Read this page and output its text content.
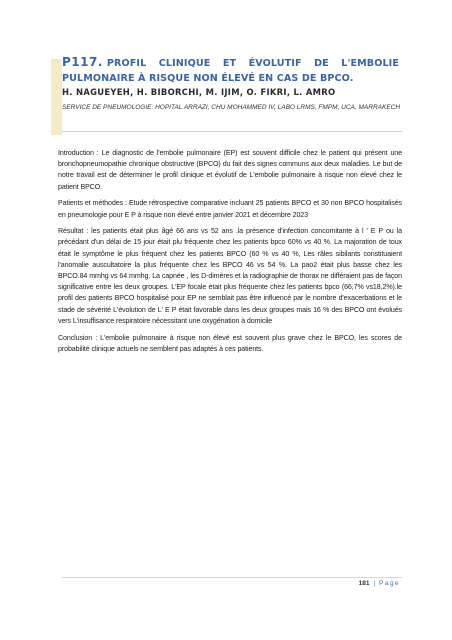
P117. PROFIL CLINIQUE ET ÉVOLUTIF DE L'EMBOLIE PULMONAIRE À RISQUE NON ÉLEVÉ EN CAS DE BPCO.
H. NAGUEYEH, H. BIBORCHI, M. IJIM, O. FIKRI, L. AMRO
SERVICE DE PNEUMOLOGIE. HOPITAL ARRAZI, CHU MOHAMMED IV, LABO LRMS, FMPM, UCA, MARRAKECH

Introduction : Le diagnostic de l'embolie pulmonaire (EP) est souvent difficile chez le patient qui présent une bronchopneumopathie chronique obstructive (BPCO) du fait des signes communs aux deux maladies. Le but de notre travail est de déterminer le profil clinique et évolutif de L'embolie pulmonaire à risque non élevé chez le patient BPCO.

Patients et méthodes : Etude rétrospective comparative incluant 25 patients BPCO et 30 non BPCO hospitalisés en pneumologie pour E P à risque non élevé entre janvier 2021 et décembre 2023

Résultat : les patients était plus âgé 66 ans vs 52 ans .la présence d'infection concomitante à l ' E P ou la précédant d'un délai de 15 jour était plu fréquente chez les patients bpco 60% vs 40 %. La majoration de toux était le symptôme le plus fréquent chez les patients BPCO (60 % vs 40 %, Les râles sibilants constituaient l'anomalie auscultatoire la plus fréquente chez les BPCO 46 vs 54 %. La pao2 était plus basse chez les BPCO.84 mmhg vs 64 mmhg. La capnée , les D-dimères et la radiographie de thorax ne différaient pas de façon significative entre les deux groupes. L'EP focale était plus fréquente chez les patients bpco (66,7% vs18,2%).le profil des patients BPCO hospitalisé pour EP ne semblait pas être influencé par le nombre d'exacerbations et le stade de sévérité L'évolution de L' E P était favorable dans les deux groupes mais 16 % des BPCO ont évolués vers L'insuffisance respiratoire nécessitant une oxygénation à domicile

Conclusion : L'embolie pulmonaire à risque non élevé est souvent plus grave chez le BPCO, les scores de probabilité clinique actuels ne semblent pas adaptés à ces patients.

181 | Page
